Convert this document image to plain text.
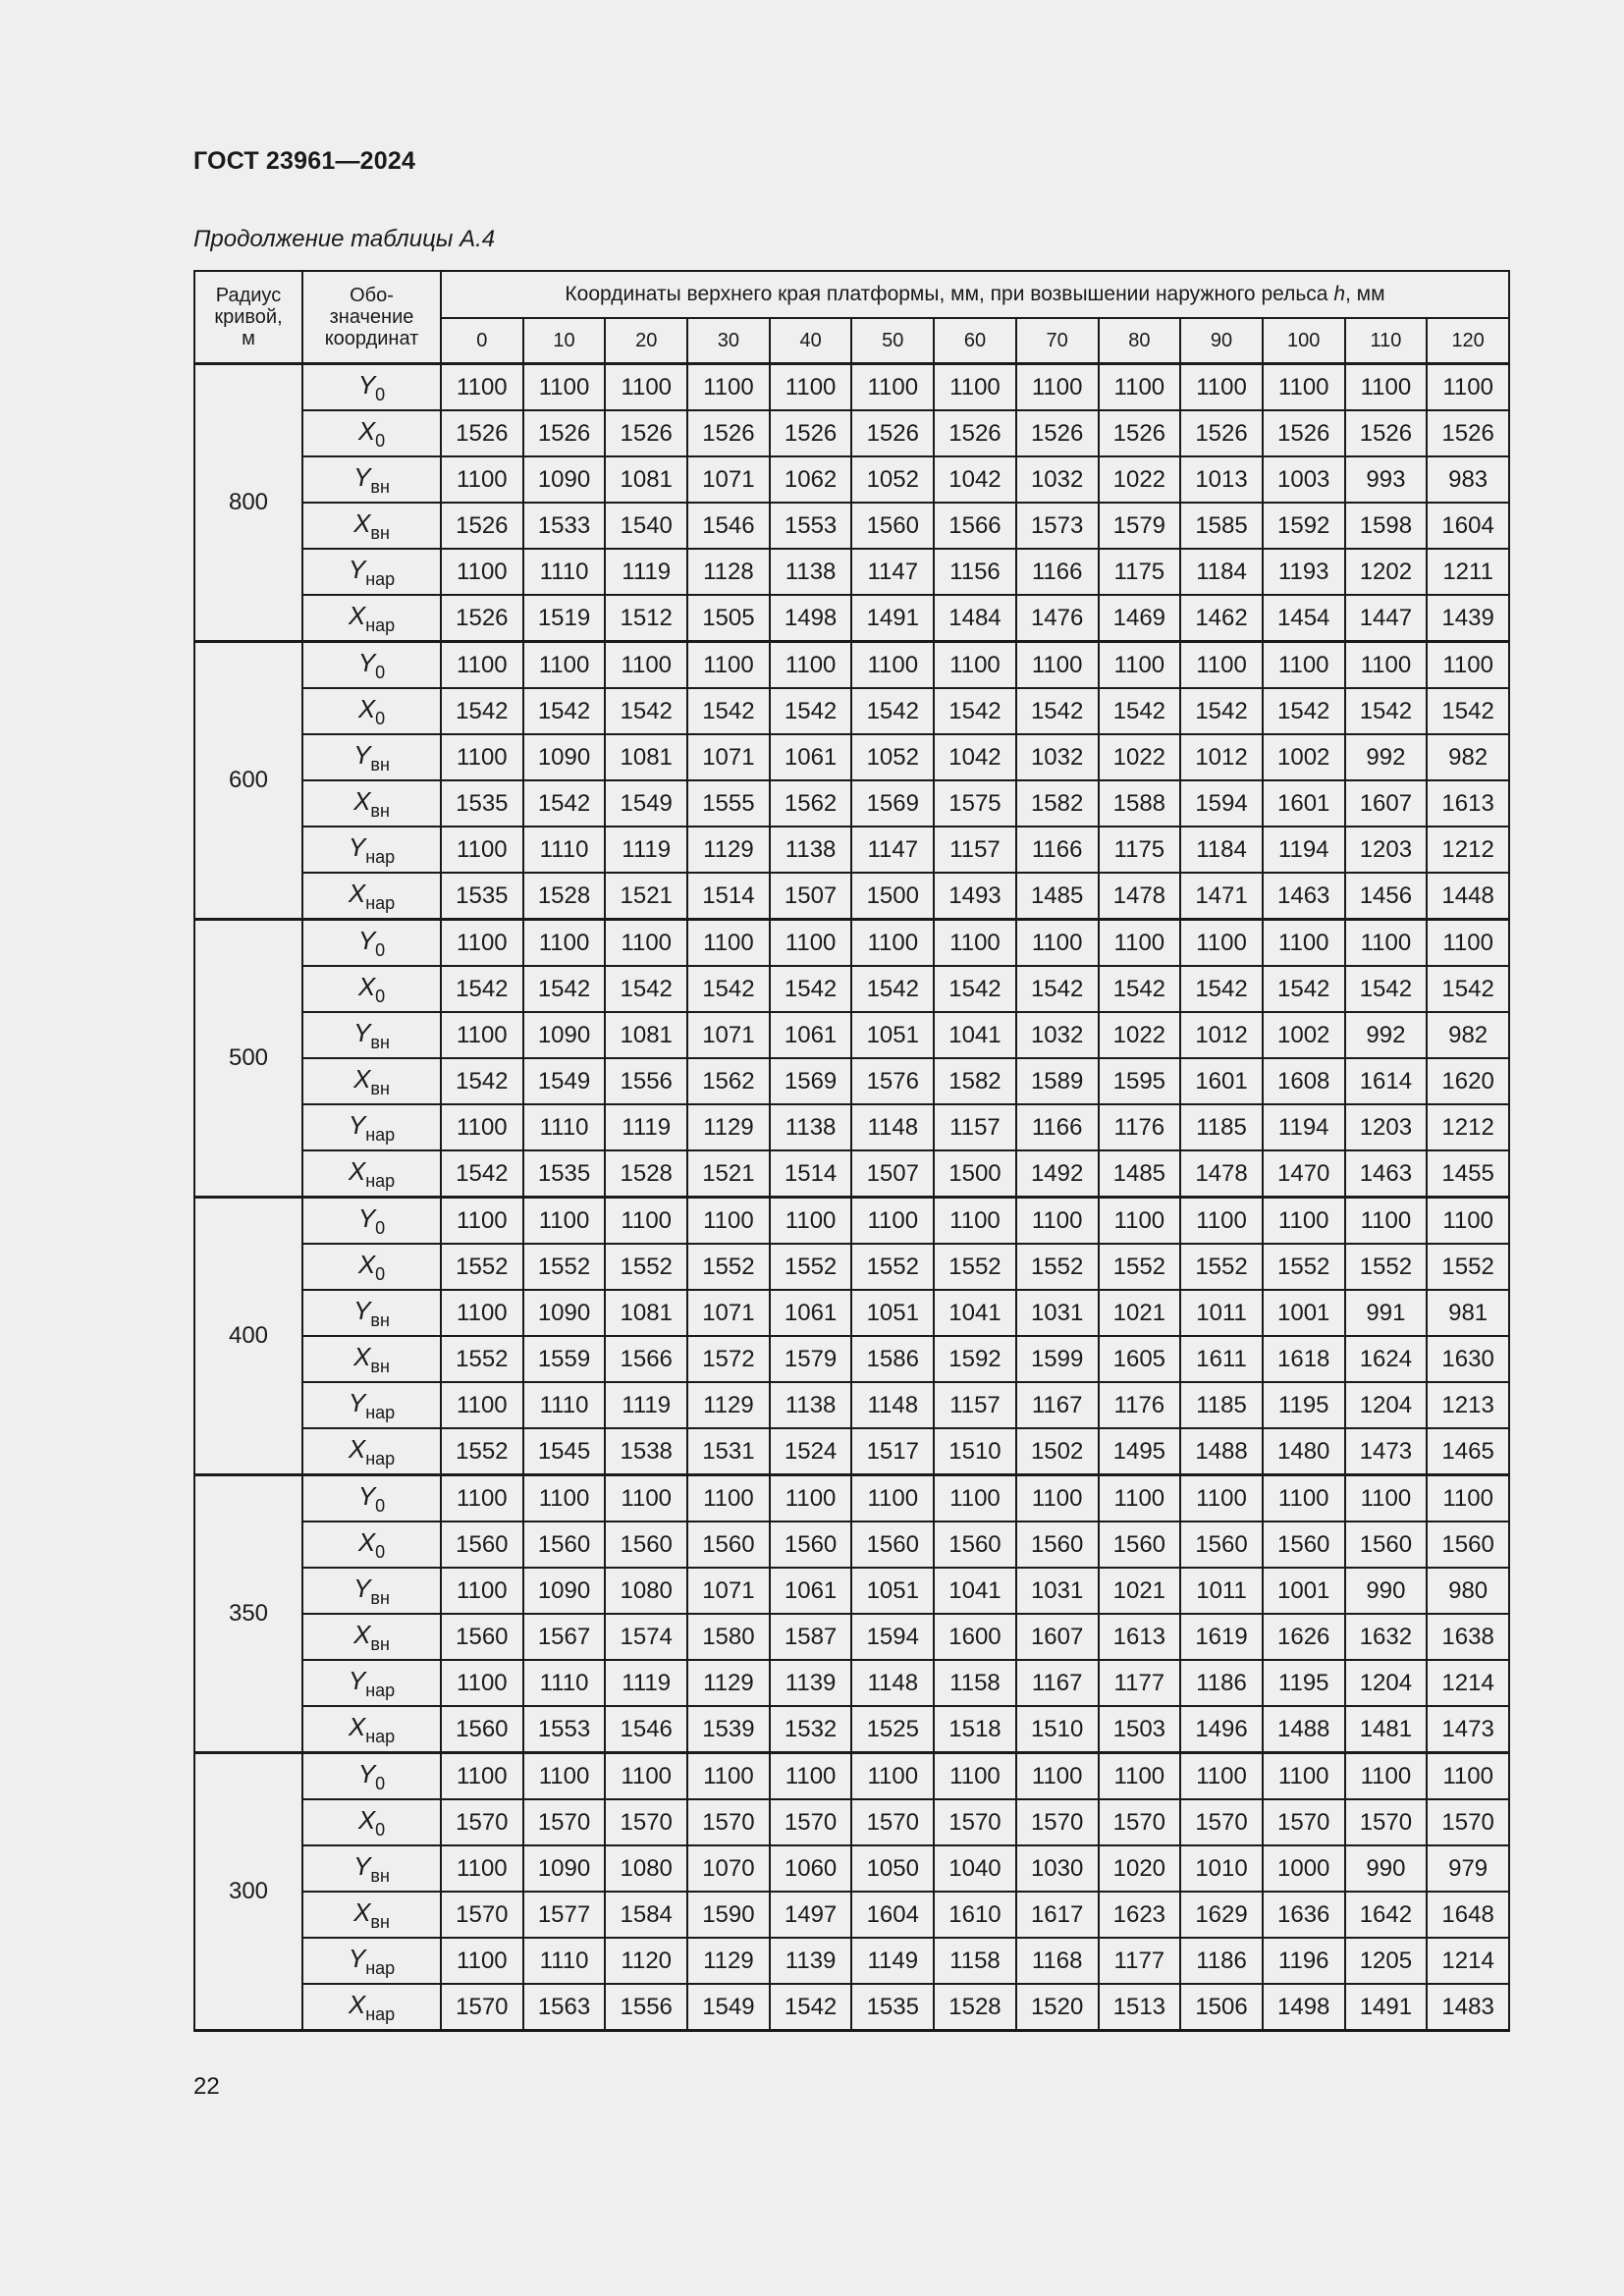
ГОСТ 23961—2024
Продолжение таблицы А.4
Радиус
кривой,
м	Обо-
значение
координат	Координаты верхнего края платформы, мм, при возвышении наружного рельса h, мм												
		0	10	20	30	40	50	60	70	80	90	100	110	120
800	$Y_0$	1100	1100	1100	1100	1100	1100	1100	1100	1100	1100	1100	1100	1100
	$X_0$	1526	1526	1526	1526	1526	1526	1526	1526	1526	1526	1526	1526	1526
	$Y_{вн}$	1100	1090	1081	1071	1062	1052	1042	1032	1022	1013	1003	993	983
	$X_{вн}$	1526	1533	1540	1546	1553	1560	1566	1573	1579	1585	1592	1598	1604
	$Y_{нар}$	1100	1110	1119	1128	1138	1147	1156	1166	1175	1184	1193	1202	1211
	$X_{нар}$	1526	1519	1512	1505	1498	1491	1484	1476	1469	1462	1454	1447	1439
600	$Y_0$	1100	1100	1100	1100	1100	1100	1100	1100	1100	1100	1100	1100	1100
	$X_0$	1542	1542	1542	1542	1542	1542	1542	1542	1542	1542	1542	1542	1542
	$Y_{вн}$	1100	1090	1081	1071	1061	1052	1042	1032	1022	1012	1002	992	982
	$X_{вн}$	1535	1542	1549	1555	1562	1569	1575	1582	1588	1594	1601	1607	1613
	$Y_{нар}$	1100	1110	1119	1129	1138	1147	1157	1166	1175	1184	1194	1203	1212
	$X_{нар}$	1535	1528	1521	1514	1507	1500	1493	1485	1478	1471	1463	1456	1448
500	$Y_0$	1100	1100	1100	1100	1100	1100	1100	1100	1100	1100	1100	1100	1100
	$X_0$	1542	1542	1542	1542	1542	1542	1542	1542	1542	1542	1542	1542	1542
	$Y_{вн}$	1100	1090	1081	1071	1061	1051	1041	1032	1022	1012	1002	992	982
	$X_{вн}$	1542	1549	1556	1562	1569	1576	1582	1589	1595	1601	1608	1614	1620
	$Y_{нар}$	1100	1110	1119	1129	1138	1148	1157	1166	1176	1185	1194	1203	1212
	$X_{нар}$	1542	1535	1528	1521	1514	1507	1500	1492	1485	1478	1470	1463	1455
400	$Y_0$	1100	1100	1100	1100	1100	1100	1100	1100	1100	1100	1100	1100	1100
	$X_0$	1552	1552	1552	1552	1552	1552	1552	1552	1552	1552	1552	1552	1552
	$Y_{вн}$	1100	1090	1081	1071	1061	1051	1041	1031	1021	1011	1001	991	981
	$X_{вн}$	1552	1559	1566	1572	1579	1586	1592	1599	1605	1611	1618	1624	1630
	$Y_{нар}$	1100	1110	1119	1129	1138	1148	1157	1167	1176	1185	1195	1204	1213
	$X_{нар}$	1552	1545	1538	1531	1524	1517	1510	1502	1495	1488	1480	1473	1465
350	$Y_0$	1100	1100	1100	1100	1100	1100	1100	1100	1100	1100	1100	1100	1100
	$X_0$	1560	1560	1560	1560	1560	1560	1560	1560	1560	1560	1560	1560	1560
	$Y_{вн}$	1100	1090	1080	1071	1061	1051	1041	1031	1021	1011	1001	990	980
	$X_{вн}$	1560	1567	1574	1580	1587	1594	1600	1607	1613	1619	1626	1632	1638
	$Y_{нар}$	1100	1110	1119	1129	1139	1148	1158	1167	1177	1186	1195	1204	1214
	$X_{нар}$	1560	1553	1546	1539	1532	1525	1518	1510	1503	1496	1488	1481	1473
300	$Y_0$	1100	1100	1100	1100	1100	1100	1100	1100	1100	1100	1100	1100	1100
	$X_0$	1570	1570	1570	1570	1570	1570	1570	1570	1570	1570	1570	1570	1570
	$Y_{вн}$	1100	1090	1080	1070	1060	1050	1040	1030	1020	1010	1000	990	979
	$X_{вн}$	1570	1577	1584	1590	1497	1604	1610	1617	1623	1629	1636	1642	1648
	$Y_{нар}$	1100	1110	1120	1129	1139	1149	1158	1168	1177	1186	1196	1205	1214
	$X_{нар}$	1570	1563	1556	1549	1542	1535	1528	1520	1513	1506	1498	1491	1483
22
